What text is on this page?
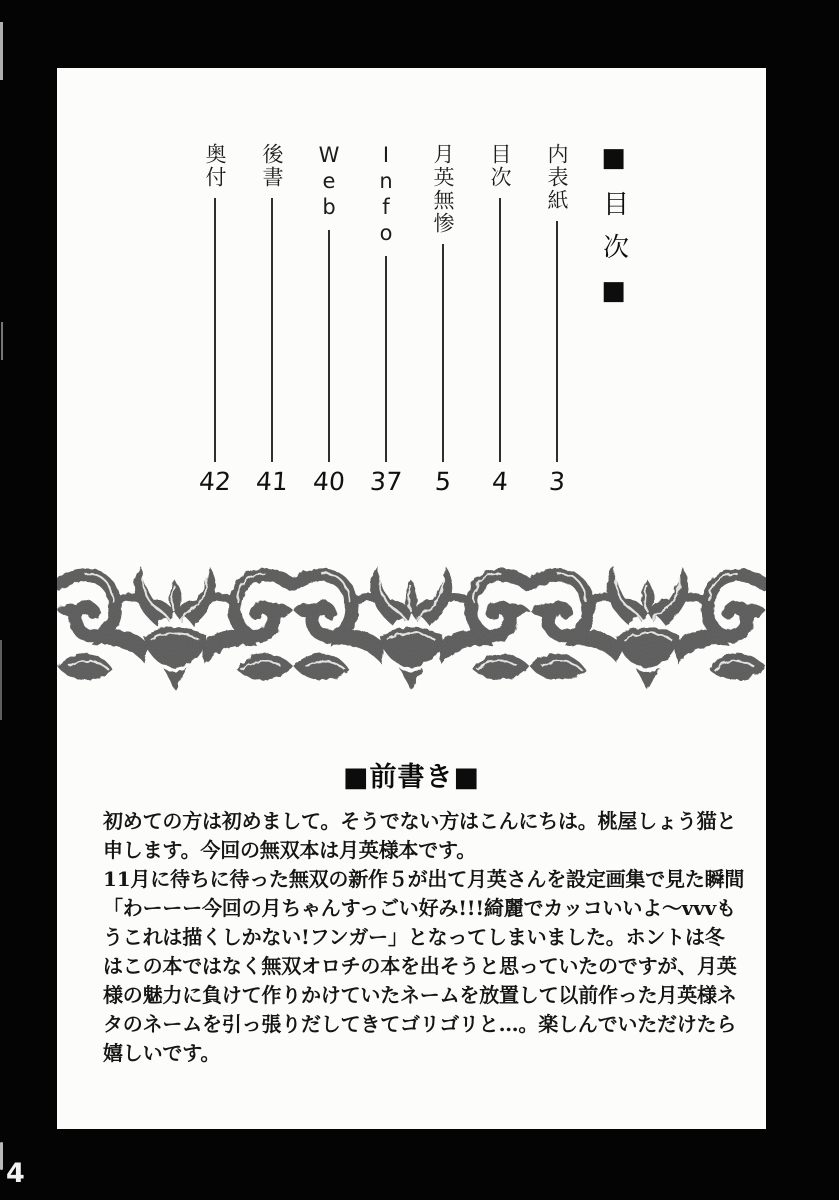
奥付
42
後書
41
Web
40
Info
37
月英無惨
5
目次
4
内表紙
3
■目次■
■前書き■

初めての方は初めまして。そうでない方はこんにちは。桃屋しょう猫と

申します。今回の無双本は月英様本です。

11月に待ちに待った無双の新作５が出て月英さんを設定画集で見た瞬間

「わーーー今回の月ちゃんすっごい好み!!!綺麗でカッコいいよ～vvvも

うこれは描くしかない!フンガー」となってしまいました。ホントは冬

はこの本ではなく無双オロチの本を出そうと思っていたのですが、月英

様の魅力に負けて作りかけていたネームを放置して以前作った月英様ネ

タのネームを引っ張りだしてきてゴリゴリと…。楽しんでいただけたら

嬉しいです。

4
